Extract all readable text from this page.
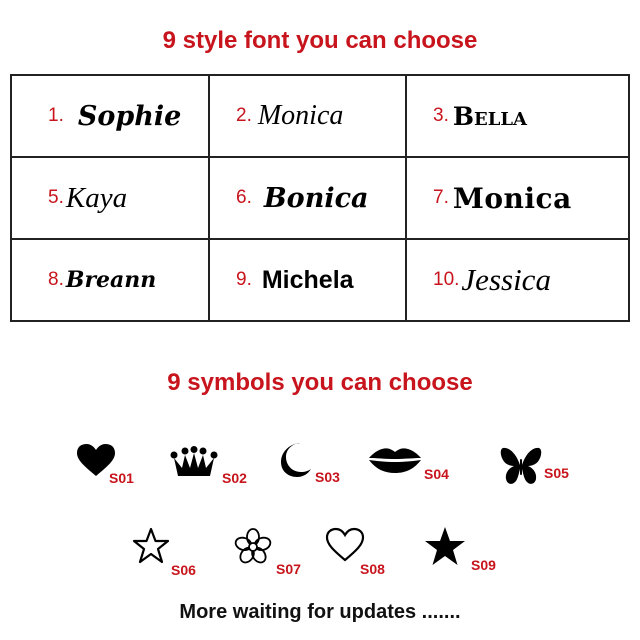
9 style font you can choose
1. Sophie	2. Monica	3. Bella
5.Kaya	6. Bonica	7. Monica
8.Breann	9. Michela	10.Jessica
9 symbols you can choose
S01	S02	S03	S04	S05
S06	S07	S08	S09
More waiting for updates .......
